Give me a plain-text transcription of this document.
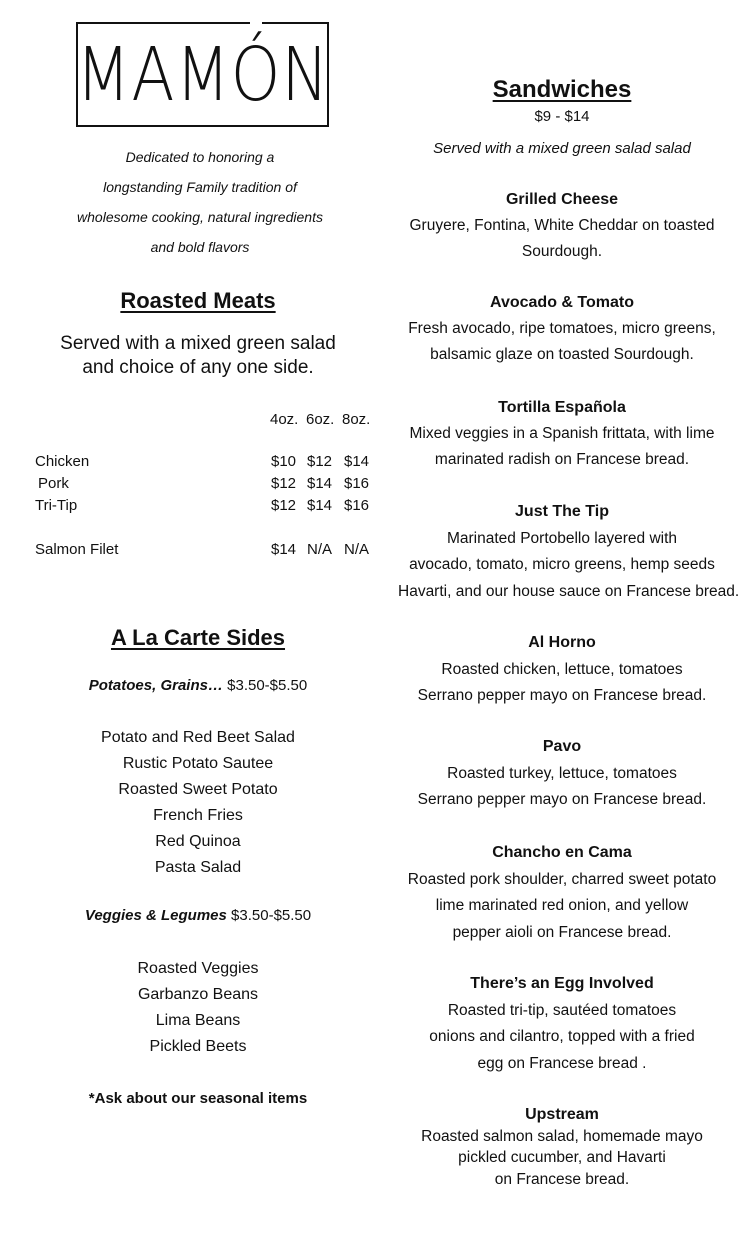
MAMÓN
Dedicated to honoring a
longstanding Family tradition of
wholesome cooking, natural ingredients
and bold flavors
Roasted Meats
Served with a mixed green salad
and choice of any one side.
4oz. 6oz. 8oz.
Chicken	$10 $12 $14
Pork	$12 $14 $16
Tri-Tip	$12 $14 $16
Salmon Filet	$14 N/A N/A
A La Carte Sides
Potatoes, Grains… $3.50-$5.50
Potato and Red Beet Salad
Rustic Potato Sautee
Roasted Sweet Potato
French Fries
Red Quinoa
Pasta Salad
Veggies & Legumes $3.50-$5.50
Roasted Veggies
Garbanzo Beans
Lima Beans
Pickled Beets
*Ask about our seasonal items
Sandwiches
$9 - $14
Served with a mixed green salad salad
Grilled Cheese
Gruyere, Fontina, White Cheddar on toasted
Sourdough.
Avocado & Tomato
Fresh avocado, ripe tomatoes, micro greens,
balsamic glaze on toasted Sourdough.
Tortilla Española
Mixed veggies in a Spanish frittata, with lime
marinated radish on Francese bread.
Just The Tip
Marinated Portobello layered with
avocado, tomato, micro greens, hemp seeds
Havarti, and our house sauce on Francese bread.
Al Horno
Roasted chicken, lettuce, tomatoes
Serrano pepper mayo on Francese bread.
Pavo
Roasted turkey, lettuce, tomatoes
Serrano pepper mayo on Francese bread.
Chancho en Cama
Roasted pork shoulder, charred sweet potato
lime marinated red onion, and yellow
pepper aioli on Francese bread.
There’s an Egg Involved
Roasted tri-tip, sautéed tomatoes
onions and cilantro, topped with a fried
egg on Francese bread .
Upstream
Roasted salmon salad, homemade mayo
pickled cucumber, and Havarti
on Francese bread.
